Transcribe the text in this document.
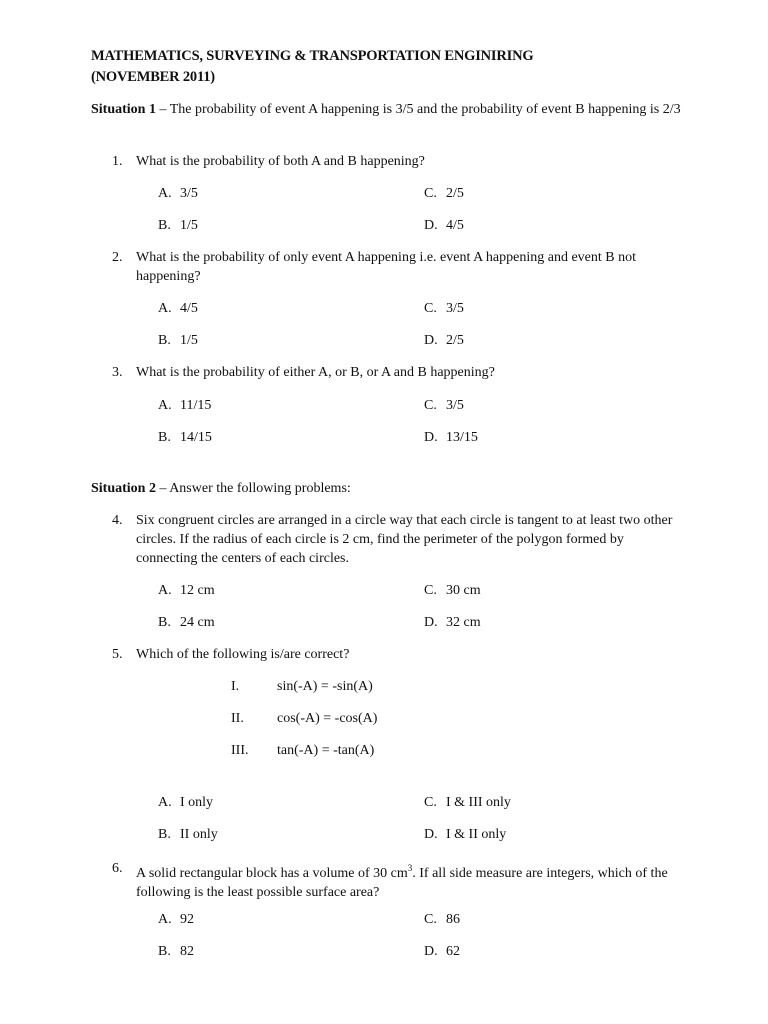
MATHEMATICS, SURVEYING & TRANSPORTATION ENGINIRING
(NOVEMBER 2011)
Situation 1 – The probability of event A happening is 3/5 and the probability of event B happening is 2/3
1. What is the probability of both A and B happening?
A. 3/5
B. 1/5
C. 2/5
D. 4/5
2. What is the probability of only event A happening i.e. event A happening and event B not happening?
A. 4/5
B. 1/5
C. 3/5
D. 2/5
3. What is the probability of either A, or B, or A and B happening?
A. 11/15
B. 14/15
C. 3/5
D. 13/15
Situation 2 – Answer the following problems:
4. Six congruent circles are arranged in a circle way that each circle is tangent to at least two other circles. If the radius of each circle is 2 cm, find the perimeter of the polygon formed by connecting the centers of each circles.
A. 12 cm
B. 24 cm
C. 30 cm
D. 32 cm
5. Which of the following is/are correct?
I.	sin(-A) = -sin(A)
II. cos(-A) = -cos(A)
III. tan(-A) = -tan(A)
A. I only
B. II only
C. I & III only
D. I & II only
6. A solid rectangular block has a volume of 30 $cm^3$. If all side measure are integers, which of the following is the least possible surface area?
A. 92
B. 82
C. 86
D. 62
